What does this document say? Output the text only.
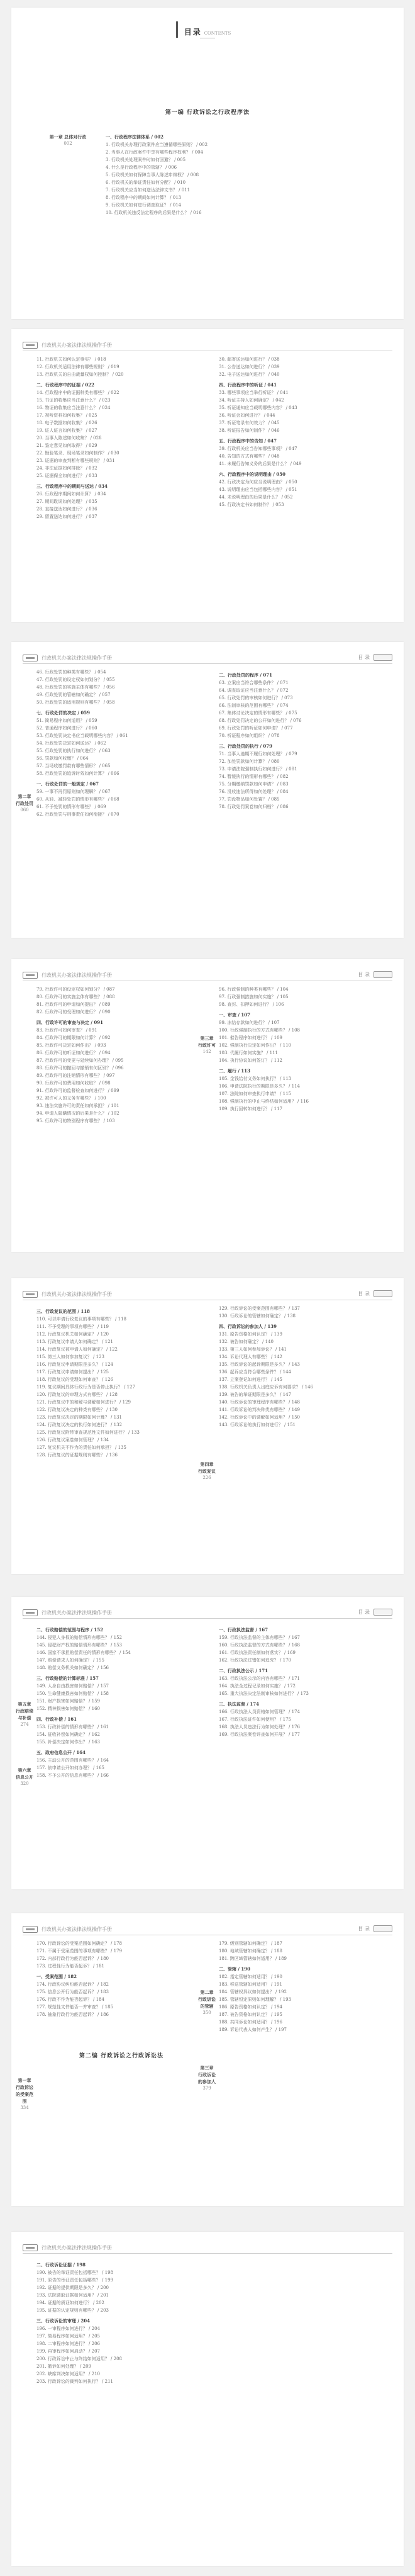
目录 CONTENTS
第一编 行政诉讼之行政程序法
第一章 总体对行政
002
一、行政程序法律体系 / 002
1. 行政机关办理行政案件应当遵循哪些原则？ / 002
2. 当事人在行政案件中享有哪些程序权利？ / 004
3. 行政机关处理案件时如何回避？ / 005
4. 什么是行政程序中的管辖？ / 006
5. 行政机关如何保障当事人陈述申辩权？ / 008
6. 行政机关的举证责任如何分配？ / 010
7. 行政机关应当如何送达法律文书？ / 011
8. 行政程序中的期间如何计算？ / 013
9. 行政机关如何进行调查取证？ / 014
10. 行政机关违反法定程序的后果是什么？ / 016
行政机关办案法律法规操作手册
11. 行政机关如何认定事实？ / 018
12. 行政机关适用法律有哪些规则？ / 019
13. 行政机关的自由裁量权如何控制？ / 020
二、行政程序中的证据 / 022
14. 行政程序中的证据种类有哪些？ / 022
15. 书证的收集应当注意什么？ / 023
16. 物证的收集应当注意什么？ / 024
17. 视听资料如何收集？ / 025
18. 电子数据如何收集？ / 026
19. 证人证言如何收集？ / 027
20. 当事人陈述如何收集？ / 028
21. 鉴定意见如何取得？ / 029
22. 勘验笔录、现场笔录如何制作？ / 030
23. 证据的审查判断有哪些规则？ / 031
24. 非法证据如何排除？ / 032
25. 证据保全如何进行？ / 033
三、行政程序中的期间与送达 / 034
26. 行政程序期间如何计算？ / 034
27. 期间耽误如何处理？ / 035
28. 直接送达如何进行？ / 036
29. 留置送达如何进行？ / 037
30. 邮寄送达如何进行？ / 038
31. 公告送达如何进行？ / 039
32. 电子送达如何进行？ / 040
四、行政程序中的听证 / 041
33. 哪些事项应当举行听证？ / 041
34. 听证主持人如何确定？ / 042
35. 听证通知应当载明哪些内容？ / 043
36. 听证会如何进行？ / 044
37. 听证笔录有何效力？ / 045
38. 听证报告如何制作？ / 046
五、行政程序中的告知 / 047
39. 行政机关应当告知哪些事项？ / 047
40. 告知的方式有哪些？ / 048
41. 未履行告知义务的后果是什么？ / 049
六、行政程序中的说明理由 / 050
42. 行政决定为何应当说明理由？ / 050
43. 说明理由应当包括哪些内容？ / 051
44. 未说明理由的后果是什么？ / 052
45. 行政决定书如何制作？ / 053
行政机关办案法律法规操作手册	目 录
第二章 行政处罚
060
46. 行政处罚的种类有哪些？ / 054
47. 行政处罚的设定权如何划分？ / 055
48. 行政处罚的实施主体有哪些？ / 056
49. 行政处罚的管辖如何确定？ / 057
50. 行政处罚的适用规则有哪些？ / 058
七、行政处罚的决定 / 059
51. 简易程序如何适用？ / 059
52. 普通程序如何进行？ / 060
53. 行政处罚决定书应当载明哪些内容？ / 061
54. 行政处罚决定如何送达？ / 062
55. 行政处罚的执行如何进行？ / 063
56. 罚款如何收缴？ / 064
57. 当场收缴罚款有哪些情形？ / 065
58. 行政处罚的追诉时效如何计算？ / 066
一、行政处罚的一般规定 / 067
59. 一事不再罚原则如何理解？ / 067
60. 从轻、减轻处罚的情形有哪些？ / 068
61. 不予处罚的情形有哪些？ / 069
62. 行政处罚与刑事责任如何衔接？ / 070
二、行政处罚的程序 / 071
63. 立案应当符合哪些条件？ / 071
64. 调查取证应当注意什么？ / 072
65. 行政处罚的审核如何进行？ / 073
66. 法制审核的范围有哪些？ / 074
67. 集体讨论决定的情形有哪些？ / 075
68. 行政处罚决定的公开如何进行？ / 076
69. 行政处罚的听证如何申请？ / 077
70. 听证程序如何组织？ / 078
三、行政处罚的执行 / 079
71. 当事人逾期不履行如何处理？ / 079
72. 加处罚款如何计算？ / 080
73. 申请法院强制执行如何进行？ / 081
74. 暂缓执行的情形有哪些？ / 082
75. 分期缴纳罚款如何申请？ / 083
76. 没收违法所得如何处理？ / 084
77. 罚没物品如何处置？ / 085
78. 行政处罚案卷如何归档？ / 086
行政机关办案法律法规操作手册	目 录
第三章 行政许可
142
79. 行政许可的设定权如何划分？ / 087
80. 行政许可的实施主体有哪些？ / 088
81. 行政许可的申请如何提出？ / 089
82. 行政许可的受理如何进行？ / 090
四、行政许可的审查与决定 / 091
83. 行政许可如何审查？ / 091
84. 行政许可的期限如何计算？ / 092
85. 行政许可决定如何作出？ / 093
86. 行政许可的听证如何进行？ / 094
87. 行政许可的变更与延续如何办理？ / 095
88. 行政许可的撤回与撤销有何区别？ / 096
89. 行政许可的注销情形有哪些？ / 097
90. 行政许可的费用如何收取？ / 098
91. 行政许可的监督检查如何进行？ / 099
92. 被许可人的义务有哪些？ / 100
93. 违法实施许可的责任如何承担？ / 101
94. 申请人隐瞒情况的后果是什么？ / 102
95. 行政许可的特别程序有哪些？ / 103
96. 行政强制的种类有哪些？ / 104
97. 行政强制措施如何实施？ / 105
98. 查封、扣押如何进行？ / 106
一、审查 / 107
99. 冻结存款如何进行？ / 107
100. 行政强制执行的方式有哪些？ / 108
101. 催告程序如何进行？ / 109
102. 强制执行决定如何作出？ / 110
103. 代履行如何实施？ / 111
104. 执行协议如何签订？ / 112
二、履行 / 113
105. 金钱给付义务如何执行？ / 113
106. 申请法院执行的期限是多久？ / 114
107. 法院如何审查执行申请？ / 115
108. 强制执行的中止与终结如何适用？ / 116
109. 执行回转如何进行？ / 117
行政机关办案法律法规操作手册	目 录
第四章 行政复议
226
三、行政复议的范围 / 118
110. 可以申请行政复议的事项有哪些？ / 118
111. 不予受理的事项有哪些？ / 119
112. 行政复议机关如何确定？ / 120
113. 行政复议申请人如何确定？ / 121
114. 行政复议被申请人如何确定？ / 122
115. 第三人如何参加复议？ / 123
116. 行政复议申请期限是多久？ / 124
117. 行政复议申请如何提出？ / 125
118. 行政复议的受理如何审查？ / 126
119. 复议期间具体行政行为是否停止执行？ / 127
120. 行政复议的审理方式有哪些？ / 128
121. 行政复议中的和解与调解如何进行？ / 129
122. 行政复议决定的种类有哪些？ / 130
123. 行政复议决定的期限如何计算？ / 131
124. 行政复议决定的执行如何进行？ / 132
125. 行政复议附带审查规范性文件如何进行？ / 133
126. 行政复议案卷如何管理？ / 134
127. 复议机关不作为的责任如何承担？ / 135
128. 行政复议的证据规则有哪些？ / 136
129. 行政诉讼的受案范围有哪些？ / 137
130. 行政诉讼的管辖如何确定？ / 138
四、行政诉讼的参加人 / 139
131. 原告资格如何认定？ / 139
132. 被告如何确定？ / 140
133. 第三人如何参加诉讼？ / 141
134. 诉讼代理人有哪些？ / 142
135. 行政诉讼的起诉期限是多久？ / 143
136. 起诉应当符合哪些条件？ / 144
137. 立案登记如何进行？ / 145
138. 行政机关负责人出庭应诉有何要求？ / 146
139. 被告的举证期限是多久？ / 147
140. 行政诉讼的审理程序有哪些？ / 148
141. 行政诉讼的判决种类有哪些？ / 149
142. 行政诉讼中的调解如何适用？ / 150
143. 行政诉讼的执行如何进行？ / 151
行政机关办案法律法规操作手册	目 录
第五章 行政赔偿与补偿
274
第六章 信息公开
320
二、行政赔偿的范围与程序 / 152
144. 侵犯人身权的赔偿情形有哪些？ / 152
145. 侵犯财产权的赔偿情形有哪些？ / 153
146. 国家不承担赔偿责任的情形有哪些？ / 154
147. 赔偿请求人如何确定？ / 155
148. 赔偿义务机关如何确定？ / 156
三、行政赔偿的计算标准 / 157
149. 人身自由损害如何赔偿？ / 157
150. 生命健康损害如何赔偿？ / 158
151. 财产损害如何赔偿？ / 159
152. 精神损害如何赔偿？ / 160
四、行政补偿 / 161
153. 行政补偿的情形有哪些？ / 161
154. 征收补偿如何确定？ / 162
155. 补偿决定如何作出？ / 163
五、政府信息公开 / 164
156. 主动公开的范围有哪些？ / 164
157. 依申请公开如何办理？ / 165
158. 不予公开的信息有哪些？ / 166
一、行政执法监督 / 167
159. 行政执法监督的主体有哪些？ / 167
160. 行政执法监督的方式有哪些？ / 168
161. 行政执法责任制如何落实？ / 169
162. 行政执法过错如何追究？ / 170
二、行政执法公示 / 171
163. 行政执法公示的内容有哪些？ / 171
164. 执法全过程记录如何实施？ / 172
165. 重大执法决定法制审核如何进行？ / 173
三、执法监督 / 174
166. 行政执法人员资格如何管理？ / 174
167. 行政执法证件如何使用？ / 175
168. 执法人员违法行为如何处理？ / 176
169. 行政执法案卷评查如何开展？ / 177
行政机关办案法律法规操作手册	目 录
第二编 行政诉讼之行政诉讼法
第一章 行政诉讼的受案范围
334
第二章 行政诉讼的管辖
350
第三章 行政诉讼的参加人
379
170. 行政诉讼的受案范围如何确定？ / 178
171. 不属于受案范围的事项有哪些？ / 179
172. 内部行政行为能否起诉？ / 180
173. 过程性行为能否起诉？ / 181
一、受案范围 / 182
174. 行政协议纠纷能否起诉？ / 182
175. 信息公开行为能否起诉？ / 183
176. 行政不作为能否起诉？ / 184
177. 规范性文件能否一并审查？ / 185
178. 抽象行政行为能否起诉？ / 186
179. 级别管辖如何确定？ / 187
180. 地域管辖如何确定？ / 188
181. 跨区域管辖如何适用？ / 189
二、管辖 / 190
182. 指定管辖如何适用？ / 190
183. 移送管辖如何适用？ / 191
184. 管辖权异议如何提出？ / 192
185. 管辖恒定原则如何理解？ / 193
186. 原告资格如何认定？ / 194
187. 被告资格如何认定？ / 195
188. 共同诉讼如何适用？ / 196
189. 诉讼代表人如何产生？ / 197
行政机关办案法律法规操作手册
二、行政诉讼证据 / 198
190. 被告的举证责任包括哪些？ / 198
191. 原告的举证责任包括哪些？ / 199
192. 证据的提供期限是多久？ / 200
193. 法院调取证据如何适用？ / 201
194. 证据的质证如何进行？ / 202
195. 证据的认定规则有哪些？ / 203
三、行政诉讼的审理 / 204
196. 一审程序如何进行？ / 204
197. 简易程序如何适用？ / 205
198. 二审程序如何进行？ / 206
199. 再审程序如何启动？ / 207
200. 行政诉讼中止与终结如何适用？ / 208
201. 撤诉如何处理？ / 209
202. 缺席判决如何适用？ / 210
203. 行政诉讼的裁判如何执行？ / 211
